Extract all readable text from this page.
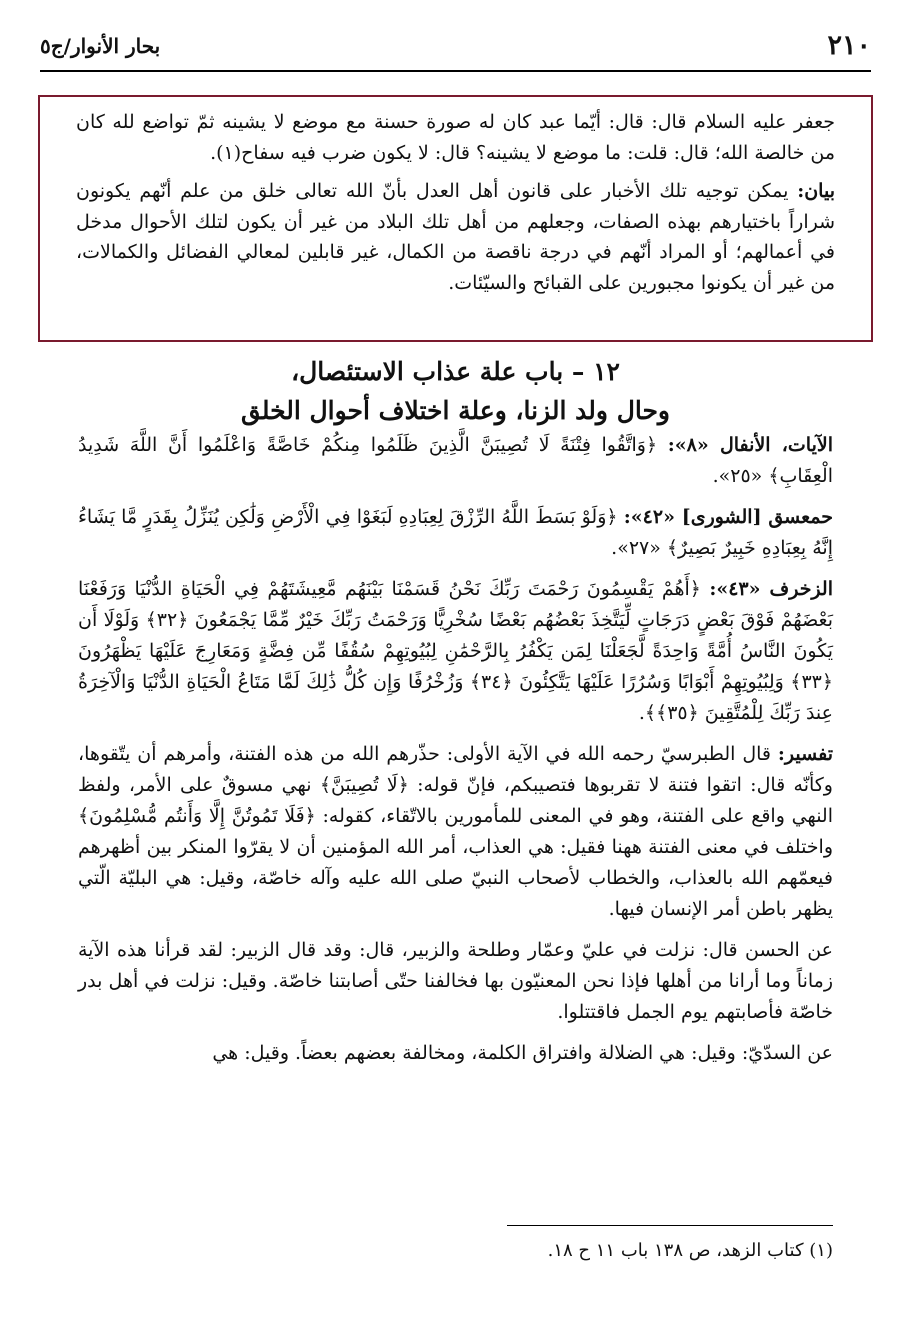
٢١٠
بحار الأنوار/ج٥

جعفر عليه السلام قال: قال: أيّما عبد كان له صورة حسنة مع موضع لا يشينه ثمّ تواضع لله كان من خالصة الله؛ قال: قلت: ما موضع لا يشينه؟ قال: لا يكون ضرب فيه سفاح(١).

بيان: يمكن توجيه تلك الأخبار على قانون أهل العدل بأنّ الله تعالى خلق من علم أنّهم يكونون شراراً باختيارهم بهذه الصفات، وجعلهم من أهل تلك البلاد من غير أن يكون لتلك الأحوال مدخل في أعمالهم؛ أو المراد أنّهم في درجة ناقصة من الكمال، غير قابلين لمعالي الفضائل والكمالات، من غير أن يكونوا مجبورين على القبائح والسيّئات.

١٢ – باب علة عذاب الاستئصال،
وحال ولد الزنا، وعلة اختلاف أحوال الخلق

الآيات، الأنفال «٨»: ﴿وَاتَّقُوا فِتْنَةً لَا تُصِيبَنَّ الَّذِينَ ظَلَمُوا مِنكُمْ خَاصَّةً وَاعْلَمُوا أَنَّ اللَّهَ شَدِيدُ الْعِقَابِ﴾ «٢٥».

حمعسق [الشورى] «٤٢»: ﴿وَلَوْ بَسَطَ اللَّهُ الرِّزْقَ لِعِبَادِهِ لَبَغَوْا فِي الْأَرْضِ وَلَٰكِن يُنَزِّلُ بِقَدَرٍ مَّا يَشَاءُ إِنَّهُ بِعِبَادِهِ خَبِيرٌ بَصِيرٌ﴾ «٢٧».

الزخرف «٤٣»: ﴿أَهُمْ يَقْسِمُونَ رَحْمَتَ رَبِّكَ نَحْنُ قَسَمْنَا بَيْنَهُم مَّعِيشَتَهُمْ فِي الْحَيَاةِ الدُّنْيَا وَرَفَعْنَا بَعْضَهُمْ فَوْقَ بَعْضٍ دَرَجَاتٍ لِّيَتَّخِذَ بَعْضُهُم بَعْضًا سُخْرِيًّا وَرَحْمَتُ رَبِّكَ خَيْرٌ مِّمَّا يَجْمَعُونَ ﴿٣٢﴾ وَلَوْلَا أَن يَكُونَ النَّاسُ أُمَّةً وَاحِدَةً لَّجَعَلْنَا لِمَن يَكْفُرُ بِالرَّحْمَٰنِ لِبُيُوتِهِمْ سُقُفًا مِّن فِضَّةٍ وَمَعَارِجَ عَلَيْهَا يَظْهَرُونَ ﴿٣٣﴾ وَلِبُيُوتِهِمْ أَبْوَابًا وَسُرُرًا عَلَيْهَا يَتَّكِئُونَ ﴿٣٤﴾ وَزُخْرُفًا وَإِن كُلُّ ذَٰلِكَ لَمَّا مَتَاعُ الْحَيَاةِ الدُّنْيَا وَالْآخِرَةُ عِندَ رَبِّكَ لِلْمُتَّقِينَ ﴿٣٥﴾﴾.

تفسير: قال الطبرسيّ رحمه الله في الآية الأولى: حذّرهم الله من هذه الفتنة، وأمرهم أن يتّقوها، وكأنّه قال: اتقوا فتنة لا تقربوها فتصيبكم، فإنّ قوله: ﴿لَا تُصِيبَنَّ﴾ نهي مسوقٌ على الأمر، ولفظ النهي واقع على الفتنة، وهو في المعنى للمأمورين بالاتّقاء، كقوله: ﴿فَلَا تَمُوتُنَّ إِلَّا وَأَنتُم مُّسْلِمُونَ﴾ واختلف في معنى الفتنة ههنا فقيل: هي العذاب، أمر الله المؤمنين أن لا يقرّوا المنكر بين أظهرهم فيعمّهم الله بالعذاب، والخطاب لأصحاب النبيّ صلى الله عليه وآله خاصّة، وقيل: هي البليّة الّتي يظهر باطن أمر الإنسان فيها.

عن الحسن قال: نزلت في عليّ وعمّار وطلحة والزبير، قال: وقد قال الزبير: لقد قرأنا هذه الآية زماناً وما أرانا من أهلها فإذا نحن المعنيّون بها فخالفنا حتّى أصابتنا خاصّة. وقيل: نزلت في أهل بدر خاصّة فأصابتهم يوم الجمل فاقتتلوا.

عن السدّيّ: وقيل: هي الضلالة وافتراق الكلمة، ومخالفة بعضهم بعضاً. وقيل: هي

(١) كتاب الزهد، ص ١٣٨ باب ١١ ح ١٨.
